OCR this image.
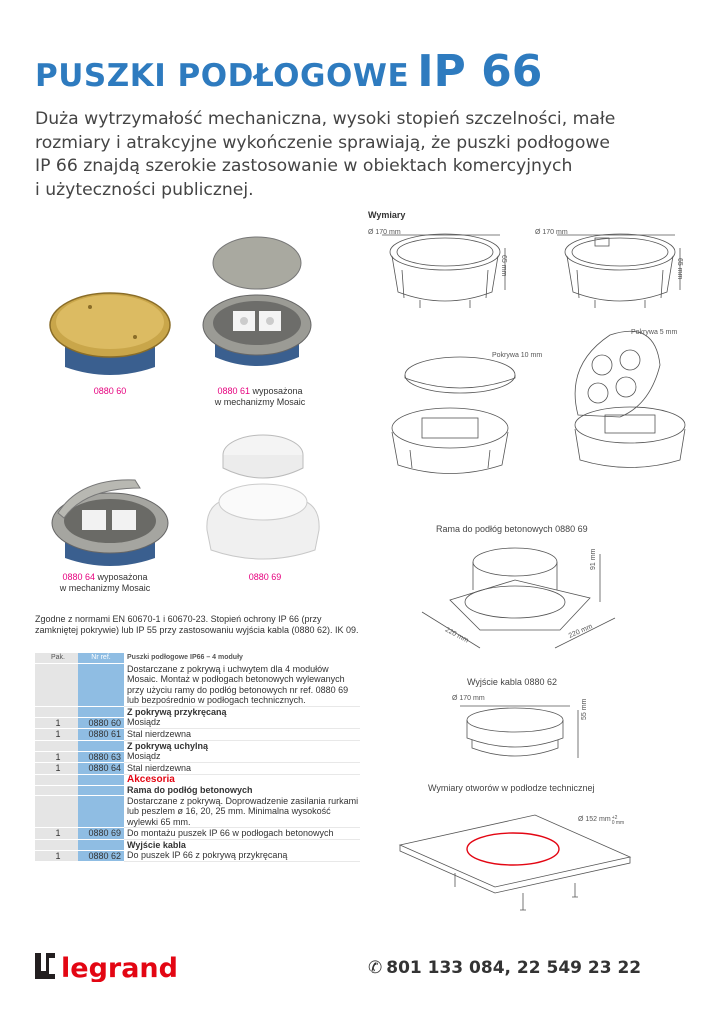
PUSZKI PODŁOGOWE IP 66
Duża wytrzymałość mechaniczna, wysoki stopień szczelności, małe
rozmiary i atrakcyjne wykończenie sprawiają, że puszki podłogowe
IP 66 znajdą szerokie zastosowanie w obiektach komercyjnych
i użyteczności publicznej.
0880 60	0880 61 wyposażona
w mechanizmy Mosaic
0880 64 wyposażona
w mechanizmy Mosaic
0880 69
Zgodne z normami EN 60670-1 i 60670-23. Stopień ochrony IP 66 (przy zamkniętej pokrywie) lub IP 55 przy zastosowaniu wyjścia kabla (0880 62). IK 09.
Pak.	Nr ref.	Puszki podłogowe IP66 – 4 moduły
		Dostarczane z pokrywą i uchwytem dla 4 modułów Mosaic. Montaż w podłogach betonowych wylewanych przy użyciu ramy do podłóg betonowych nr ref. 0880 69 lub bezpośrednio w podłogach technicznych.
		Z pokrywą przykręcaną
1	0880 60	Mosiądz
1	0880 61	Stal nierdzewna
		Z pokrywą uchylną
1	0880 63	Mosiądz
1	0880 64	Stal nierdzewna
		Akcesoria
		Rama do podłóg betonowych
		Dostarczane z pokrywą. Doprowadzenie zasilania rurkami lub peszlem ø 16, 20, 25 mm. Minimalna wysokość wylewki 65 mm.
1	0880 69	Do montażu puszek IP 66 w podłogach betonowych
		Wyjście kabla
1	0880 62	Do puszek IP 66 z pokrywą przykręcaną
Wymiary
Ø 170 mm
65 mm
Ø 170 mm
65 mm
Pokrywa 10 mm
Pokrywa 5 mm
Rama do podłóg betonowych 0880 69
91 mm
220 mm	220 mm
Wyjście kabla 0880 62
Ø 170 mm
55 mm
Wymiary otworów w podłodze technicznej
Ø 152 mm+2
0 mm
legrand	✆ 801 133 084, 22 549 23 22
